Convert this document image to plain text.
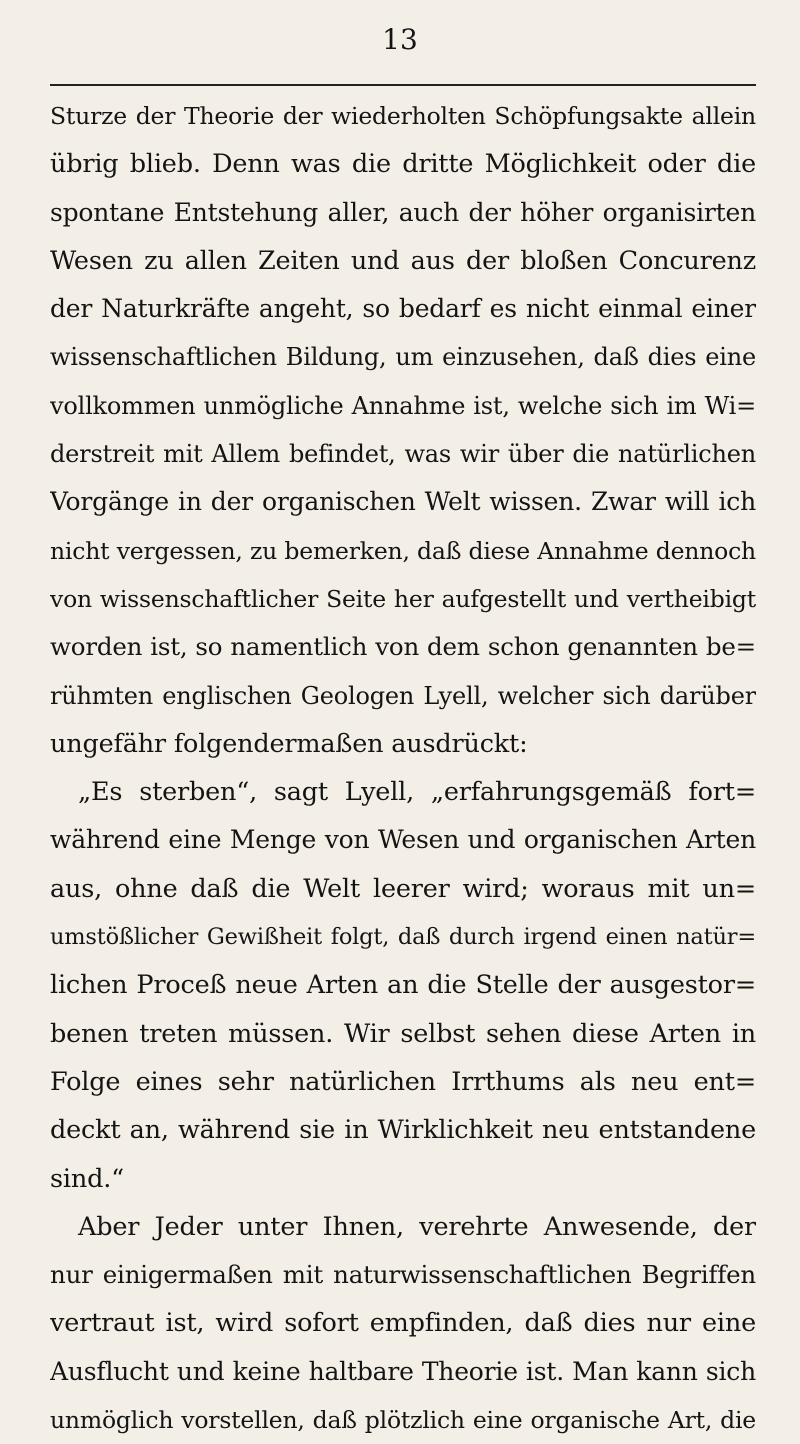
13
Sturze der Theorie der wiederholten Schöpfungsakte allein
übrig blieb. Denn was die dritte Möglichkeit oder die
spontane Entstehung aller, auch der höher organisirten
Wesen zu allen Zeiten und aus der bloßen Concurenz
der Naturkräfte angeht, so bedarf es nicht einmal einer
wissenschaftlichen Bildung, um einzusehen, daß dies eine
vollkommen unmögliche Annahme ist, welche sich im Wi=
derstreit mit Allem befindet, was wir über die natürlichen
Vorgänge in der organischen Welt wissen. Zwar will ich
nicht vergessen, zu bemerken, daß diese Annahme dennoch
von wissenschaftlicher Seite her aufgestellt und vertheibigt
worden ist, so namentlich von dem schon genannten be=
rühmten englischen Geologen Lyell, welcher sich darüber
ungefähr folgendermaßen ausdrückt:
„Es sterben“, sagt Lyell, „erfahrungsgemäß fort=
während eine Menge von Wesen und organischen Arten
aus, ohne daß die Welt leerer wird; woraus mit un=
umstößlicher Gewißheit folgt, daß durch irgend einen natür=
lichen Proceß neue Arten an die Stelle der ausgestor=
benen treten müssen. Wir selbst sehen diese Arten in
Folge eines sehr natürlichen Irrthums als neu ent=
deckt an, während sie in Wirklichkeit neu entstandene
sind.“
Aber Jeder unter Ihnen, verehrte Anwesende, der
nur einigermaßen mit naturwissenschaftlichen Begriffen
vertraut ist, wird sofort empfinden, daß dies nur eine
Ausflucht und keine haltbare Theorie ist. Man kann sich
unmöglich vorstellen, daß plötzlich eine organische Art, die
